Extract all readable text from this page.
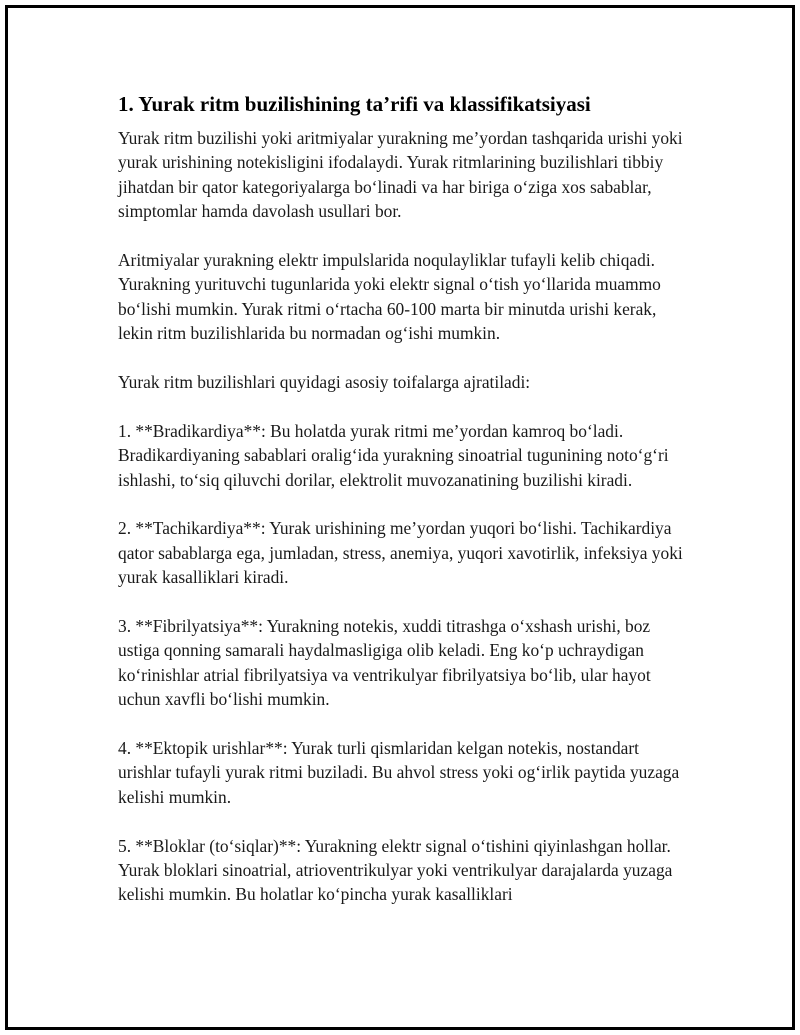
1. Yurak ritm buzilishining ta’rifi va klassifikatsiyasi

Yurak ritm buzilishi yoki aritmiyalar yurakning me’yordan tashqarida urishi yoki yurak urishining notekisligini ifodalaydi. Yurak ritmlarining buzilishlari tibbiy jihatdan bir qator kategoriyalarga bo‘linadi va har biriga o‘ziga xos sabablar, simptomlar hamda davolash usullari bor.

Aritmiyalar yurakning elektr impulslarida noqulayliklar tufayli kelib chiqadi. Yurakning yurituvchi tugunlarida yoki elektr signal o‘tish yo‘llarida muammo bo‘lishi mumkin. Yurak ritmi o‘rtacha 60-100 marta bir minutda urishi kerak, lekin ritm buzilishlarida bu normadan og‘ishi mumkin.

Yurak ritm buzilishlari quyidagi asosiy toifalarga ajratiladi:

1. **Bradikardiya**: Bu holatda yurak ritmi me’yordan kamroq bo‘ladi. Bradikardiyaning sabablari oralig‘ida yurakning sinoatrial tugunining noto‘g‘ri ishlashi, to‘siq qiluvchi dorilar, elektrolit muvozanatining buzilishi kiradi.

2. **Tachikardiya**: Yurak urishining me’yordan yuqori bo‘lishi. Tachikardiya qator sabablarga ega, jumladan, stress, anemiya, yuqori xavotirlik, infeksiya yoki yurak kasalliklari kiradi.

3. **Fibrilyatsiya**: Yurakning notekis, xuddi titrashga o‘xshash urishi, boz ustiga qonning samarali haydalmasligiga olib keladi. Eng ko‘p uchraydigan ko‘rinishlar atrial fibrilyatsiya va ventrikulyar fibrilyatsiya bo‘lib, ular hayot uchun xavfli bo‘lishi mumkin.

4. **Ektopik urishlar**: Yurak turli qismlaridan kelgan notekis, nostandart urishlar tufayli yurak ritmi buziladi. Bu ahvol stress yoki og‘irlik paytida yuzaga kelishi mumkin.

5. **Bloklar (to‘siqlar)**: Yurakning elektr signal o‘tishini qiyinlashgan hollar. Yurak bloklari sinoatrial, atrioventrikulyar yoki ventrikulyar darajalarda yuzaga kelishi mumkin. Bu holatlar ko‘pincha yurak kasalliklari
